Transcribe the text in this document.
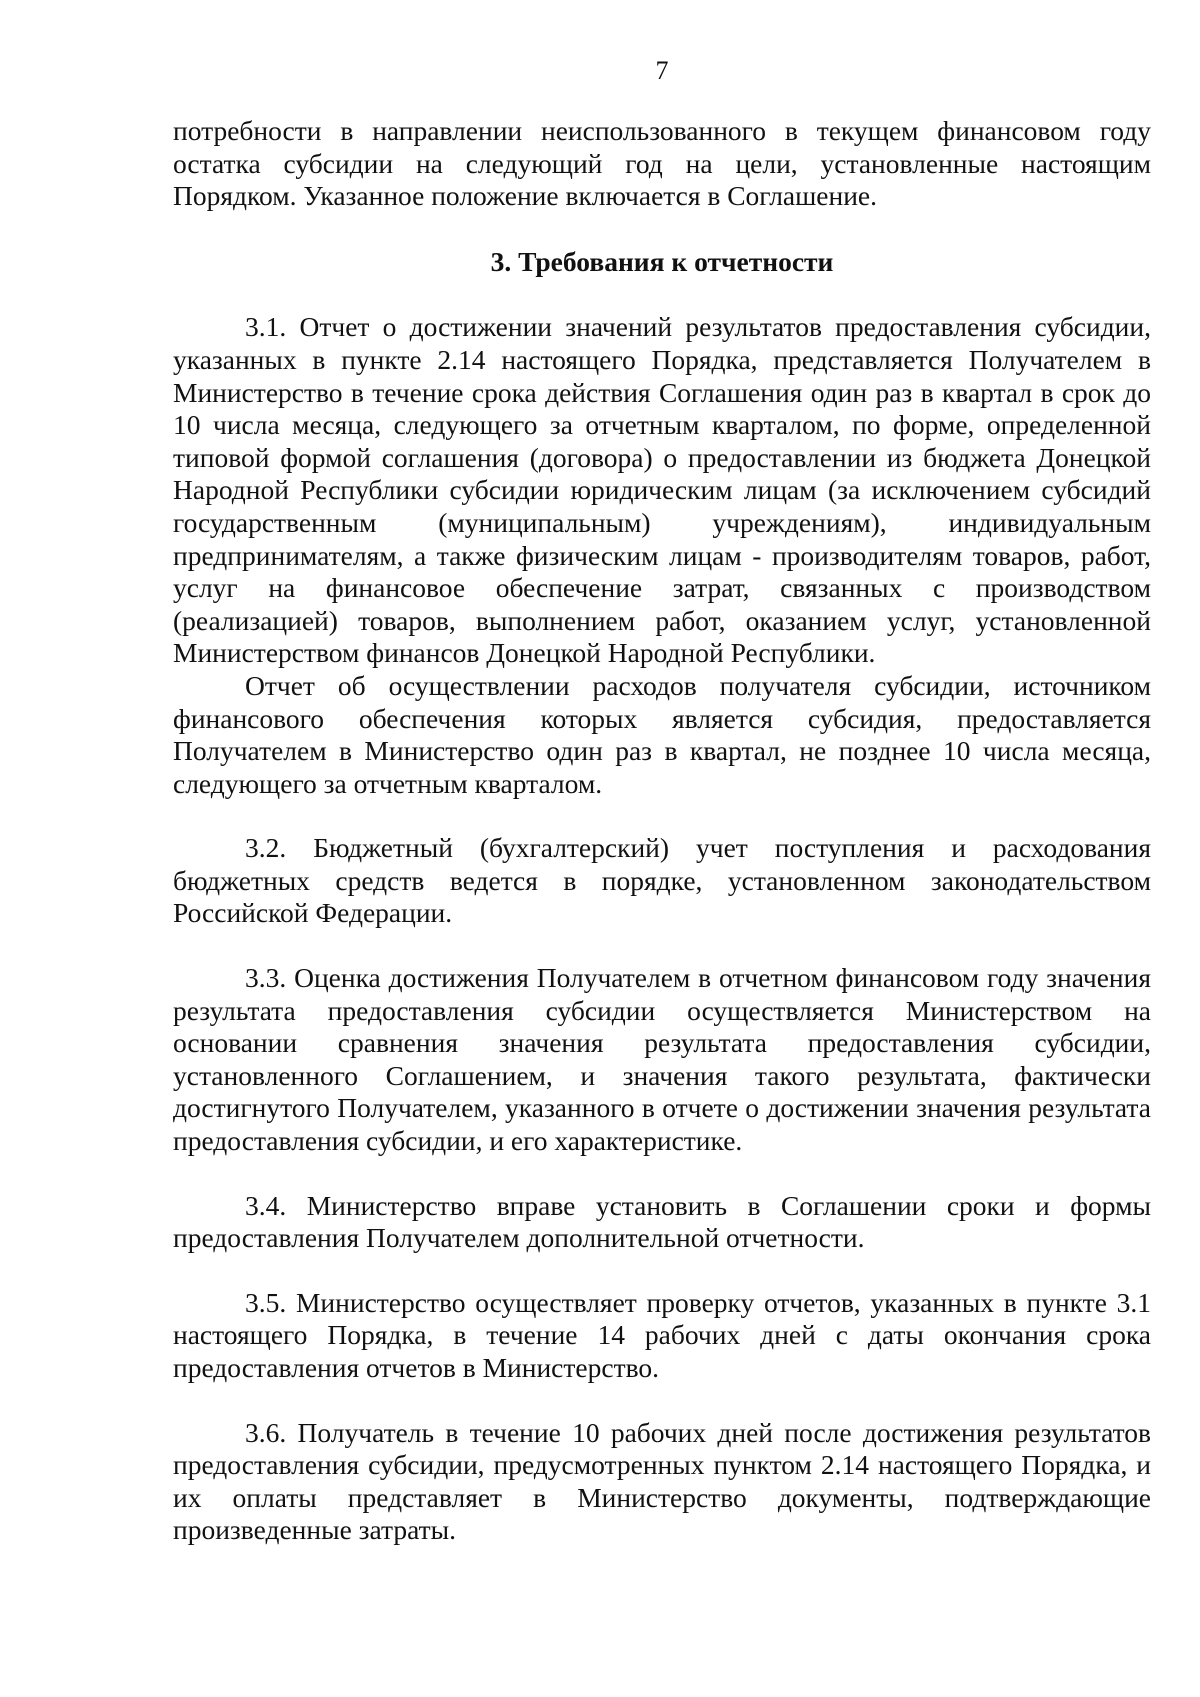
7

потребности в направлении неиспользованного в текущем финансовом году остатка субсидии на следующий год на цели, установленные настоящим Порядком. Указанное положение включается в Соглашение.

3. Требования к отчетности

3.1. Отчет о достижении значений результатов предоставления субсидии, указанных в пункте 2.14 настоящего Порядка, представляется Получателем в Министерство в течение срока действия Соглашения один раз в квартал в срок до 10 числа месяца, следующего за отчетным кварталом, по форме, определенной типовой формой соглашения (договора) о предоставлении из бюджета Донецкой Народной Республики субсидии юридическим лицам (за исключением субсидий государственным (муниципальным) учреждениям), индивидуальным предпринимателям, а также физическим лицам - производителям товаров, работ, услуг на финансовое обеспечение затрат, связанных с производством (реализацией) товаров, выполнением работ, оказанием услуг, установленной Министерством финансов Донецкой Народной Республики.

Отчет об осуществлении расходов получателя субсидии, источником финансового обеспечения которых является субсидия, предоставляется Получателем в Министерство один раз в квартал, не позднее 10 числа месяца, следующего за отчетным кварталом.

3.2. Бюджетный (бухгалтерский) учет поступления и расходования бюджетных средств ведется в порядке, установленном законодательством Российской Федерации.

3.3. Оценка достижения Получателем в отчетном финансовом году значения результата предоставления субсидии осуществляется Министерством на основании сравнения значения результата предоставления субсидии, установленного Соглашением, и значения такого результата, фактически достигнутого Получателем, указанного в отчете о достижении значения результата предоставления субсидии, и его характеристике.

3.4. Министерство вправе установить в Соглашении сроки и формы предоставления Получателем дополнительной отчетности.

3.5. Министерство осуществляет проверку отчетов, указанных в пункте 3.1 настоящего Порядка, в течение 14 рабочих дней с даты окончания срока предоставления отчетов в Министерство.

3.6. Получатель в течение 10 рабочих дней после достижения результатов предоставления субсидии, предусмотренных пунктом 2.14 настоящего Порядка, и их оплаты представляет в Министерство документы, подтверждающие произведенные затраты.
